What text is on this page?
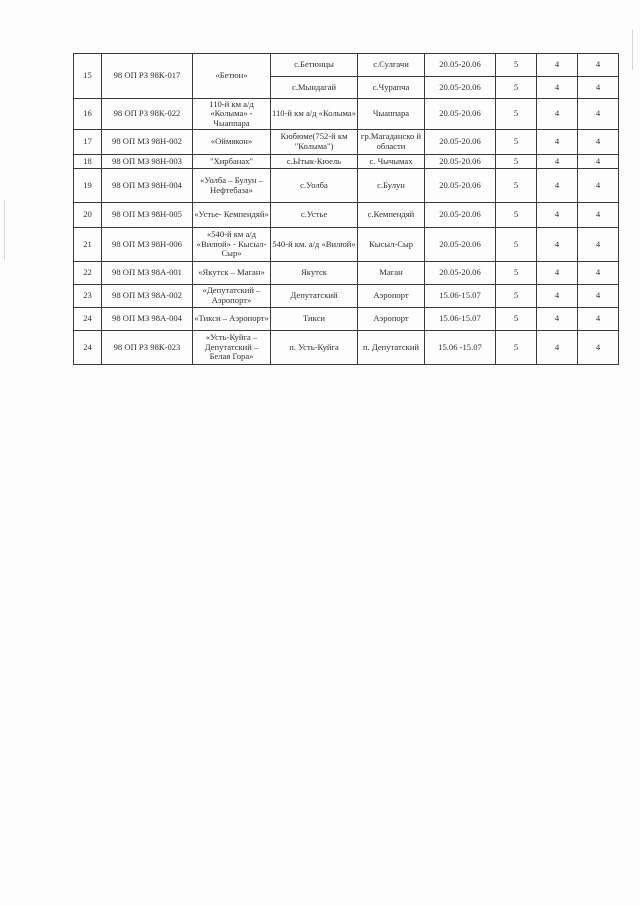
15	98 ОП РЗ 98К-017	«Бетюн»	с.Бетюнцы	с.Сулгачи	20.05-20.06	5	4	4
			с.Мындагай	с.Чурапча	20.05-20.06	5	4	4
16	98 ОП РЗ 98К-022	110-й км а/д «Колыма» - Чыаппара	110-й км а/д «Колыма»	Чыаппара	20.05-20.06	5	4	4
17	98 ОП МЗ 98Н-002	«Оймякон»	Кюбюме(752-й км "Колыма")	гр.Магаданско й области	20.05-20.06	5	4	4
18	98 ОП МЗ 98Н-003	"Хирбанах"	с.Ытык-Кюель	с. Чычымах	20.05-20.06	5	4	4
19	98 ОП МЗ 98Н-004	«Уолба – Булун – Нефтебаза»	с.Уолба	с.Булун	20.05-20.06	5	4	4
20	98 ОП МЗ 98Н-005	«Устье- Кемпендяй»	с.Устье	с.Кемпендяй	20.05-20.06	5	4	4
21	98 ОП МЗ 98Н-006	«540-й км а/д «Вилюй» - Кысыл-Сыр»	540-й км. а/д «Вилюй»	Кысыл-Сыр	20.05-20.06	5	4	4
22	98 ОП МЗ 98А-001	«Якутск – Маган»	Якутск	Маган	20.05-20.06	5	4	4
23	98 ОП МЗ 98А-002	«Депутатский – Аэропорт»	Депутатский	Аэропорт	15.06-15.07	5	4	4
24	98 ОП МЗ 98А-004	«Тикси – Аэропорт»	Тикси	Аэропорт	15.06-15.07	5	4	4
24	98 ОП РЗ 98К-023	«Усть-Куйга – Депутатский – Белая Гора»	п. Усть-Куйга	п. Депутатский	15.06 -15.07	5	4	4
